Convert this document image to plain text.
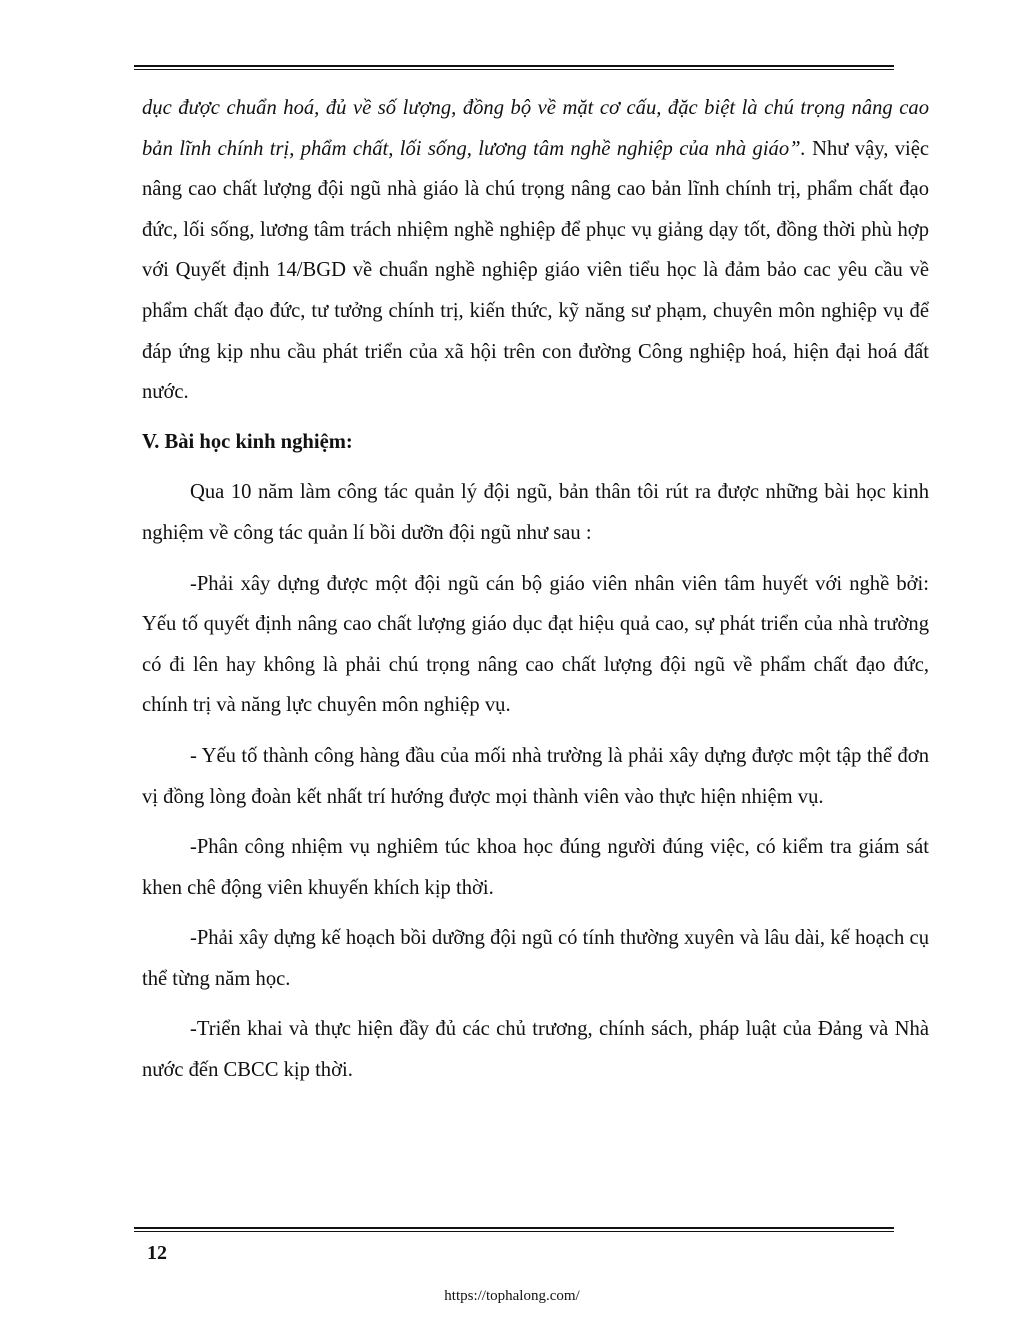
dục được chuẩn hoá, đủ về số lượng, đồng bộ về mặt cơ cấu, đặc biệt là chú trọng nâng cao bản lĩnh chính trị, phẩm chất, lối sống, lương tâm nghề nghiệp của nhà giáo”. Như vậy, việc nâng cao chất lượng đội ngũ nhà giáo là chú trọng nâng cao bản lĩnh chính trị, phẩm chất đạo đức, lối sống, lương tâm trách nhiệm nghề nghiệp để phục vụ giảng dạy tốt, đồng thời phù hợp với Quyết định 14/BGD về chuẩn nghề nghiệp giáo viên tiểu học là đảm bảo cac yêu cầu về phẩm chất đạo đức, tư tưởng chính trị, kiến thức, kỹ năng sư phạm, chuyên môn nghiệp vụ để đáp ứng kịp nhu cầu phát triển của xã hội trên con đường Công nghiệp hoá, hiện đại hoá đất nước.

V. Bài học kinh nghiệm:

Qua 10 năm làm công tác quản lý đội ngũ, bản thân tôi rút ra được những bài học kinh nghiệm về công tác quản lí bồi dưỡn đội ngũ như sau :

-Phải xây dựng được một đội ngũ cán bộ giáo viên nhân viên tâm huyết với nghề bởi: Yếu tố quyết định nâng cao chất lượng giáo dục đạt hiệu quả cao, sự phát triển của nhà trường có đi lên hay không là phải chú trọng nâng cao chất lượng đội ngũ về phẩm chất đạo đức, chính trị và năng lực chuyên môn nghiệp vụ.

- Yếu tố thành công hàng đầu của mối nhà trường là phải xây dựng được một tập thể đơn vị đồng lòng đoàn kết nhất trí hướng được mọi thành viên vào thực hiện nhiệm vụ.

-Phân công nhiệm vụ nghiêm túc khoa học đúng người đúng việc, có kiểm tra giám sát khen chê động viên khuyến khích kịp thời.

-Phải xây dựng kế hoạch bồi dưỡng đội ngũ có tính thường xuyên và lâu dài, kế hoạch cụ thể từng năm học.

-Triển khai và thực hiện đầy đủ các chủ trương, chính sách, pháp luật của Đảng và Nhà nước đến CBCC kịp thời.

12
https://tophalong.com/
